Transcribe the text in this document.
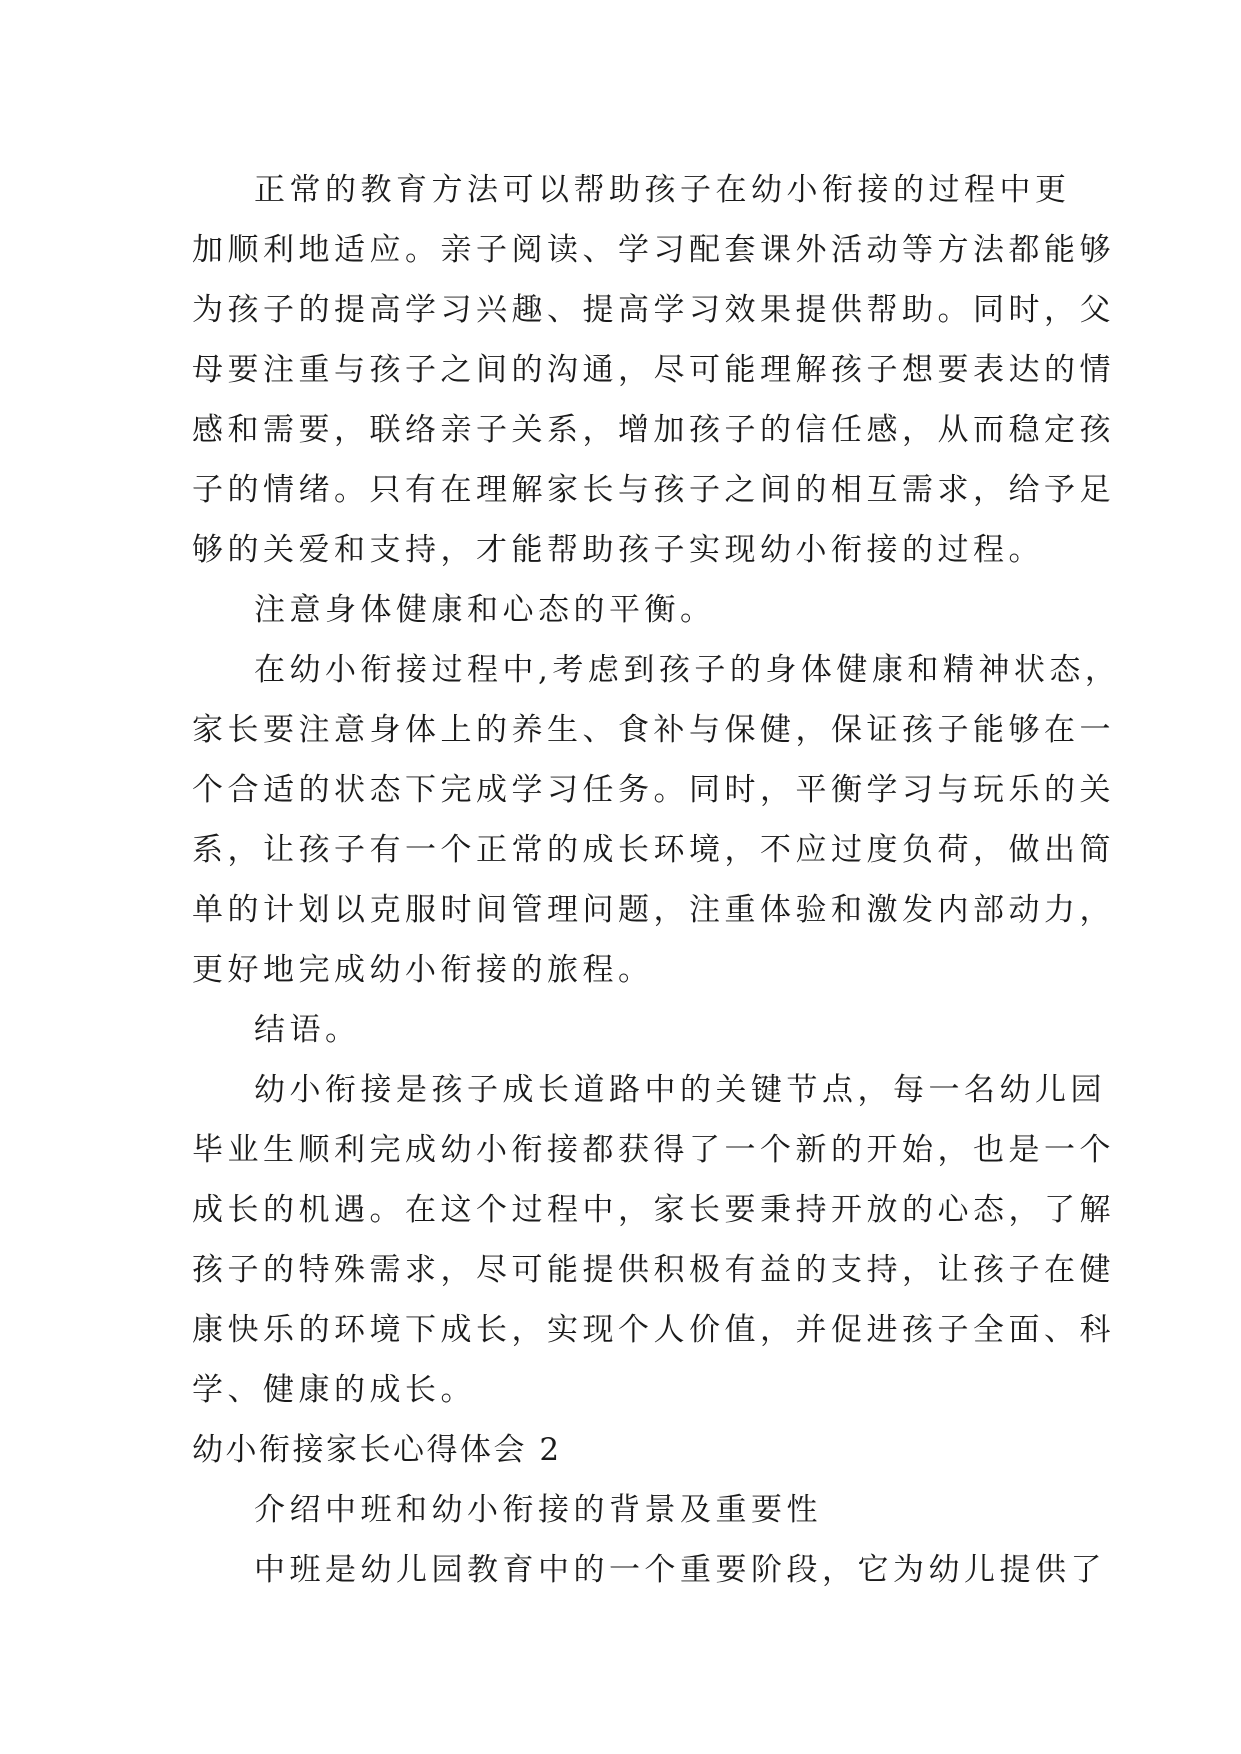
正常的教育方法可以帮助孩子在幼小衔接的过程中更
加顺利地适应。亲子阅读、学习配套课外活动等方法都能够
为孩子的提高学习兴趣、提高学习效果提供帮助。同时，父
母要注重与孩子之间的沟通，尽可能理解孩子想要表达的情
感和需要，联络亲子关系，增加孩子的信任感，从而稳定孩
子的情绪。只有在理解家长与孩子之间的相互需求，给予足
够的关爱和支持，才能帮助孩子实现幼小衔接的过程。
注意身体健康和心态的平衡。
在幼小衔接过程中,考虑到孩子的身体健康和精神状态，
家长要注意身体上的养生、食补与保健，保证孩子能够在一
个合适的状态下完成学习任务。同时，平衡学习与玩乐的关
系，让孩子有一个正常的成长环境，不应过度负荷，做出简
单的计划以克服时间管理问题，注重体验和激发内部动力，
更好地完成幼小衔接的旅程。
结语。
幼小衔接是孩子成长道路中的关键节点，每一名幼儿园
毕业生顺利完成幼小衔接都获得了一个新的开始，也是一个
成长的机遇。在这个过程中，家长要秉持开放的心态，了解
孩子的特殊需求，尽可能提供积极有益的支持，让孩子在健
康快乐的环境下成长，实现个人价值，并促进孩子全面、科
学、健康的成长。
幼小衔接家长心得体会 2
介绍中班和幼小衔接的背景及重要性
中班是幼儿园教育中的一个重要阶段，它为幼儿提供了
